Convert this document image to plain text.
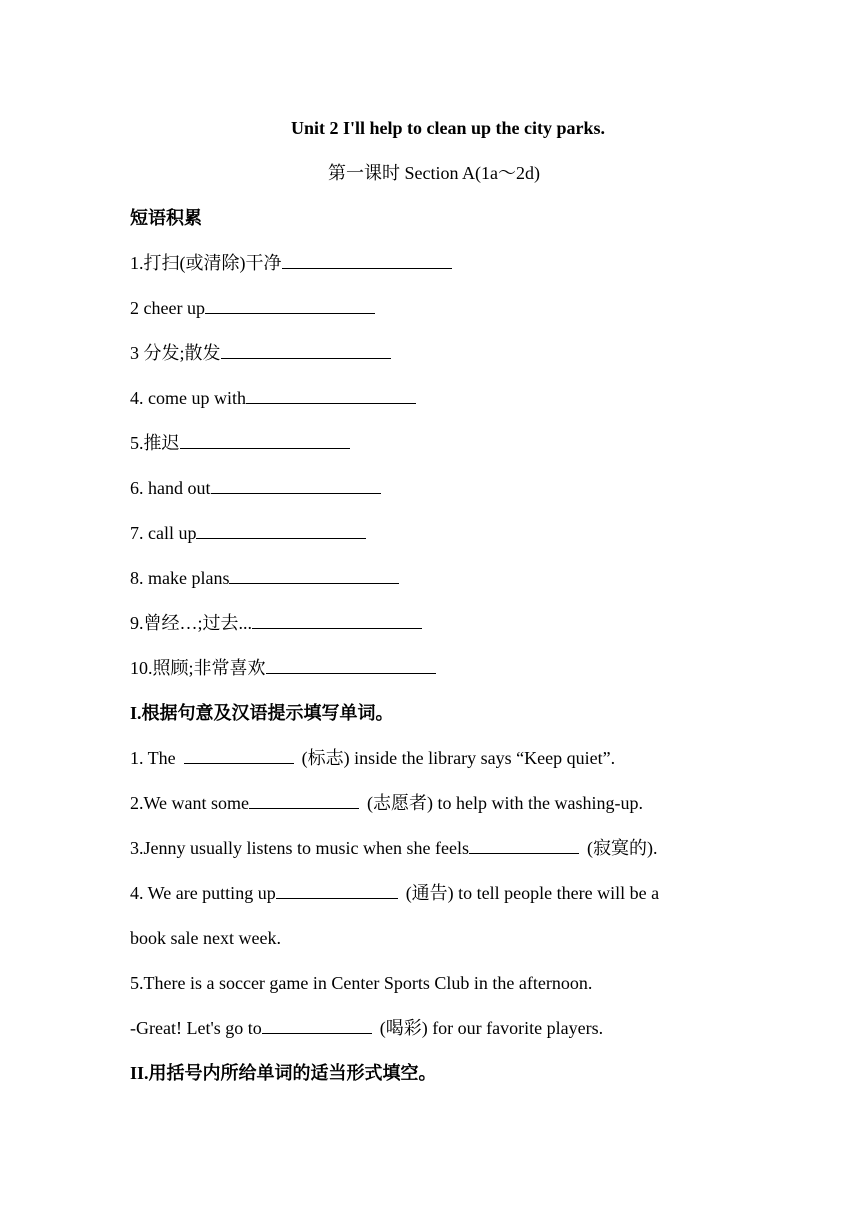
Unit 2 I'll help to clean up the city parks.
第一课时 Section A(1a～2d)
短语积累
1.打扫(或清除)干净
2 cheer up
3 分发;散发
4. come up with
5.推迟
6. hand out
7. call up
8. make plans
9.曾经…;过去...
10.照顾;非常喜欢
I.根据句意及汉语提示填写单词。
1. The	(标志) inside the library says “Keep quiet”.
2.We want some	(志愿者) to help with the washing-up.
3.Jenny usually listens to music when she feels	(寂寞的).
4. We are putting up	(通告) to tell people there will be a
book sale next week.
5.There is a soccer game in Center Sports Club in the afternoon.
-Great! Let's go to	(喝彩) for our favorite players.
II.用括号内所给单词的适当形式填空。
